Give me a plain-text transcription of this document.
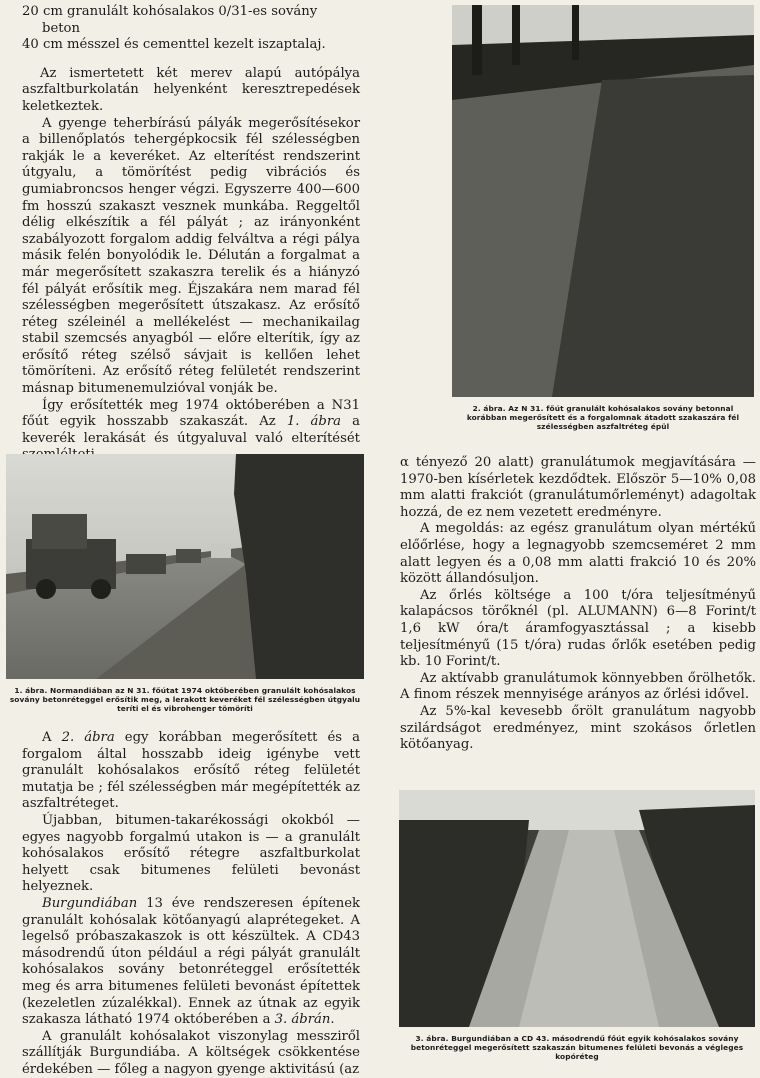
20 cm granulált kohósalakos 0/31-es sovány

beton

40 cm mésszel és cementtel kezelt iszaptalaj.

Az ismertetett két merev alapú autópálya aszfaltburkolatán helyenként keresztrepedések keletkeztek.

A gyenge teherbírású pályák megerősítésekor a billenőplatós tehergépkocsik fél szélességben rakják le a keveréket. Az elterítést rendszerint útgyalu, a tömörítést pedig vibrációs és gumiabroncsos henger végzi. Egyszerre 400—600 fm hosszú szakaszt vesznek munkába. Reggeltől délig elkészítik a fél pályát ; az irányonként szabályozott forgalom addig felváltva a régi pálya másik felén bonyolódik le. Délután a forgalmat a már megerősített szakaszra terelik és a hiányzó fél pályát erősítik meg. Éjszakára nem marad fél szélességben megerősített útszakasz. Az erősítő réteg széleinél a mellékelést — mechanikailag stabil szemcsés anyagból — előre elterítik, így az erősítő réteg szélső sávjait is kellően lehet tömöríteni. Az erősítő réteg felületét rendszerint másnap bitumenemulzióval vonják be.

Így erősítették meg 1974 októberében a N31 főút egyik hosszabb szakaszát. Az 1. ábra a keverék lerakását és útgyaluval való elterítését

1. ábra. Normandiában az N 31. főútat 1974 októberében granulált kohósalakos sovány betonréteggel erősítik meg, a lerakott keveréket fél szélességben útgyalu teríti el és vibrohenger tömöríti

A 2. ábra egy korábban megerősített és a forgalom által hosszabb ideig igénybe vett granulált kohósalakos erősítő réteg felületét mutatja be ; fél szélességben már megépítették az aszfaltréteget.

Újabban, bitumen-takarékossági okokból — egyes nagyobb forgalmú utakon is — a granulált kohósalakos erősítő rétegre aszfaltburkolat helyett csak bitumenes felületi bevonást helyeznek.

Burgundiában 13 éve rendszeresen építenek granulált kohósalak kötőanyagú alaprétegeket. A legelső próbaszakaszok is ott készültek. A CD43 másodrendű úton például a régi pályát granulált kohósalakos sovány betonréteggel erősítették meg és arra bitumenes felületi bevonást építettek (kezeletlen zúzalékkal). Ennek az útnak az egyik szakasza látható 1974 októberében a 3. ábrán.

A granulált kohósalakot viszonylag messziről szállítják Burgundiába. A költségek csökkentése érdekében — főleg a nagyon gyenge aktivitású (az

2. ábra. Az N 31. főút granulált kohósalakos sovány betonnal korábban megerősített és a forgalomnak átadott szakaszára fél szélességben aszfaltréteg épül

α tényező 20 alatt) granulátumok megjavítására — 1970-ben kísérletek kezdődtek. Először 5—10% 0,08 mm alatti frakciót (granulátumőrleményt) adagoltak hozzá, de ez nem vezetett eredményre.

A megoldás: az egész granulátum olyan mértékű előőrlése, hogy a legnagyobb szemcseméret 2 mm alatt legyen és a 0,08 mm alatti frakció 10 és 20% között állandósuljon.

Az őrlés költsége a 100 t/óra teljesítményű kalapácsos törőknél (pl. ALUMANN) 6—8 Forint/t 1,6 kW óra/t áramfogyasztással ; a kisebb teljesítményű (15 t/óra) rudas őrlők esetében pedig kb. 10 Forint/t.

Az aktívabb granulátumok könnyebben őrölhetők. A finom részek mennyisége arányos az őrlési idővel.

Az 5%-kal kevesebb őrölt granulátum nagyobb szilárdságot eredményez, mint szokásos őrletlen kötőanyag.

3. ábra. Burgundiában a CD 43. másodrendű főút egyik kohósalakos sovány betonréteggel megerősített szakaszán bitumenes felületi bevonás a végleges kopóréteg
